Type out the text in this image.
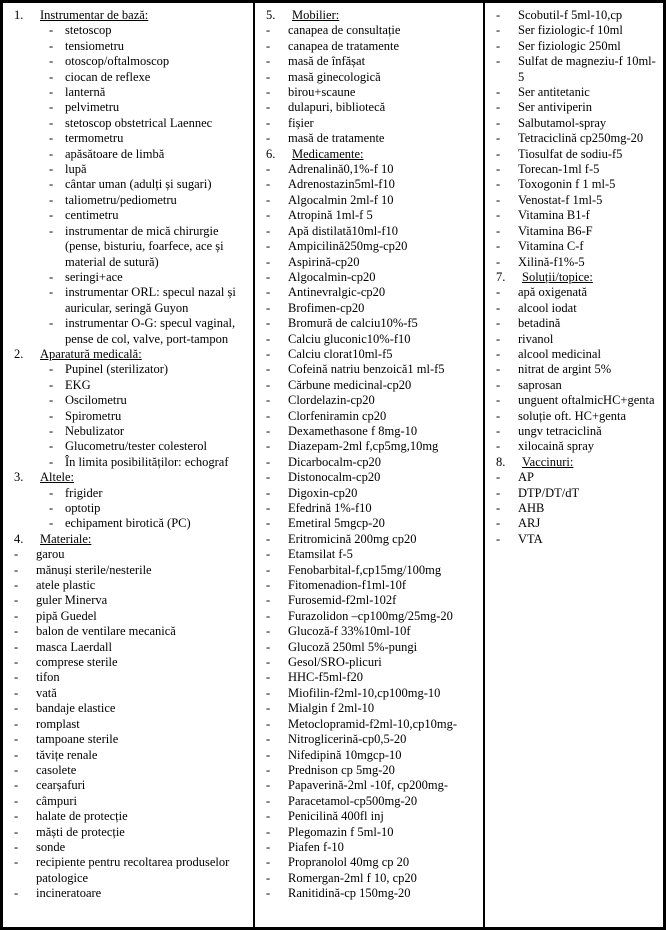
1.	Instrumentar de bază:
- stetoscop
- tensiometru
- otoscop/oftalmoscop
- ciocan de reflexe
- lanternă
- pelvimetru
- stetoscop obstetrical Laennec
- termometru
- apăsătoare de limbă
- lupă
- cântar uman (adulți și sugari)
- taliometru/pediometru
- centimetru
- instrumentar de mică chirurgie (pense, bisturiu, foarfece, ace și material de sutură)
- seringi+ace
- instrumentar ORL: specul nazal și auricular, seringă Guyon
- instrumentar O-G: specul vaginal, pense de col, valve, port-tampon
2.	Aparatură medicală:
- Pupinel (sterilizator)
- EKG
- Oscilometru
- Spirometru
- Nebulizator
- Glucometru/tester colesterol
- În limita posibilităților: echograf
3.	Altele:
- frigider
- optotip
- echipament birotică (PC)
4.	Materiale:
-	garou
-	mănuși sterile/nesterile
-	atele plastic
-	guler Minerva
-	pipă Guedel
-	balon de ventilare mecanică
-	masca Laerdall
-	comprese sterile
-	tifon
-	vată
-	bandaje elastice
-	romplast
-	tampoane sterile
-	tăvițe renale
-	casolete
-	cearșafuri
-	câmpuri
-	halate de protecție
-	măști de protecție
-	sonde
-	recipiente pentru recoltarea produselor patologice
-	incineratoare
5.	Mobilier:
-	canapea de consultație
-	canapea de tratamente
-	masă de înfășat
-	masă ginecologică
-	birou+scaune
-	dulapuri, bibliotecă
-	fișier
-	masă de tratamente
6.	Medicamente:
-	Adrenalină0,1%-f 10
-	Adrenostazin5ml-f10
-	Algocalmin 2ml-f 10
-	Atropină 1ml-f 5
-	Apă distilată10ml-f10
-	Ampicilină250mg-cp20
-	Aspirină-cp20
-	Algocalmin-cp20
-	Antinevralgic-cp20
-	Brofimen-cp20
-	Bromură de calciu10%-f5
-	Calciu gluconic10%-f10
-	Calciu clorat10ml-f5
-	Cofeină natriu benzoică1 ml-f5
-	Cărbune medicinal-cp20
-	Clordelazin-cp20
-	Clorfeniramin cp20
-	Dexamethasone f 8mg-10
-	Diazepam-2ml f,cp5mg,10mg
-	Dicarbocalm-cp20
-	Distonocalm-cp20
-	Digoxin-cp20
-	Efedrină 1%-f10
-	Emetiral 5mgcp-20
-	Eritromicină 200mg cp20
-	Etamsilat f-5
-	Fenobarbital-f,cp15mg/100mg
-	Fitomenadion-f1ml-10f
-	Furosemid-f2ml-102f
-	Furazolidon –cp100mg/25mg-20
-	Glucoză-f 33%10ml-10f
-	Glucoză 250ml 5%-pungi
-	Gesol/SRO-plicuri
-	HHC-f5ml-f20
-	Miofilin-f2ml-10,cp100mg-10
-	Mialgin f 2ml-10
-	Metoclopramid-f2ml-10,cp10mg-
-	Nitroglicerină-cp0,5-20
-	Nifedipină 10mgcp-10
-	Prednison cp 5mg-20
-	Papaverină-2ml -10f, cp200mg-
-	Paracetamol-cp500mg-20
-	Penicilină 400fl inj
-	Plegomazin f 5ml-10
-	Piafen f-10
-	Propranolol 40mg cp 20
-	Romergan-2ml f 10, cp20
-	Ranitidină-cp 150mg-20
-	Scobutil-f 5ml-10,cp
-	Ser fiziologic-f 10ml
-	Ser fiziologic 250ml
-	Sulfat de magneziu-f 10ml-5
-	Ser antitetanic
-	Ser antiviperin
-	Salbutamol-spray
-	Tetraciclină cp250mg-20
-	Tiosulfat de sodiu-f5
-	Torecan-1ml f-5
-	Toxogonin f 1 ml-5
-	Venostat-f 1ml-5
-	Vitamina B1-f
-	Vitamina B6-F
-	Vitamina C-f
-	Xilină-f1%-5
7.	Soluții/topice:
-	apă oxigenată
-	alcool iodat
-	betadină
-	rivanol
-	alcool medicinal
-	nitrat de argint 5%
-	saprosan
-	unguent oftalmicHC+genta
-	soluție oft. HC+genta
-	ungv tetraciclină
-	xilocaină spray
8.	Vaccinuri:
-	AP
-	DTP/DT/dT
-	AHB
-	ARJ
-	VTA
